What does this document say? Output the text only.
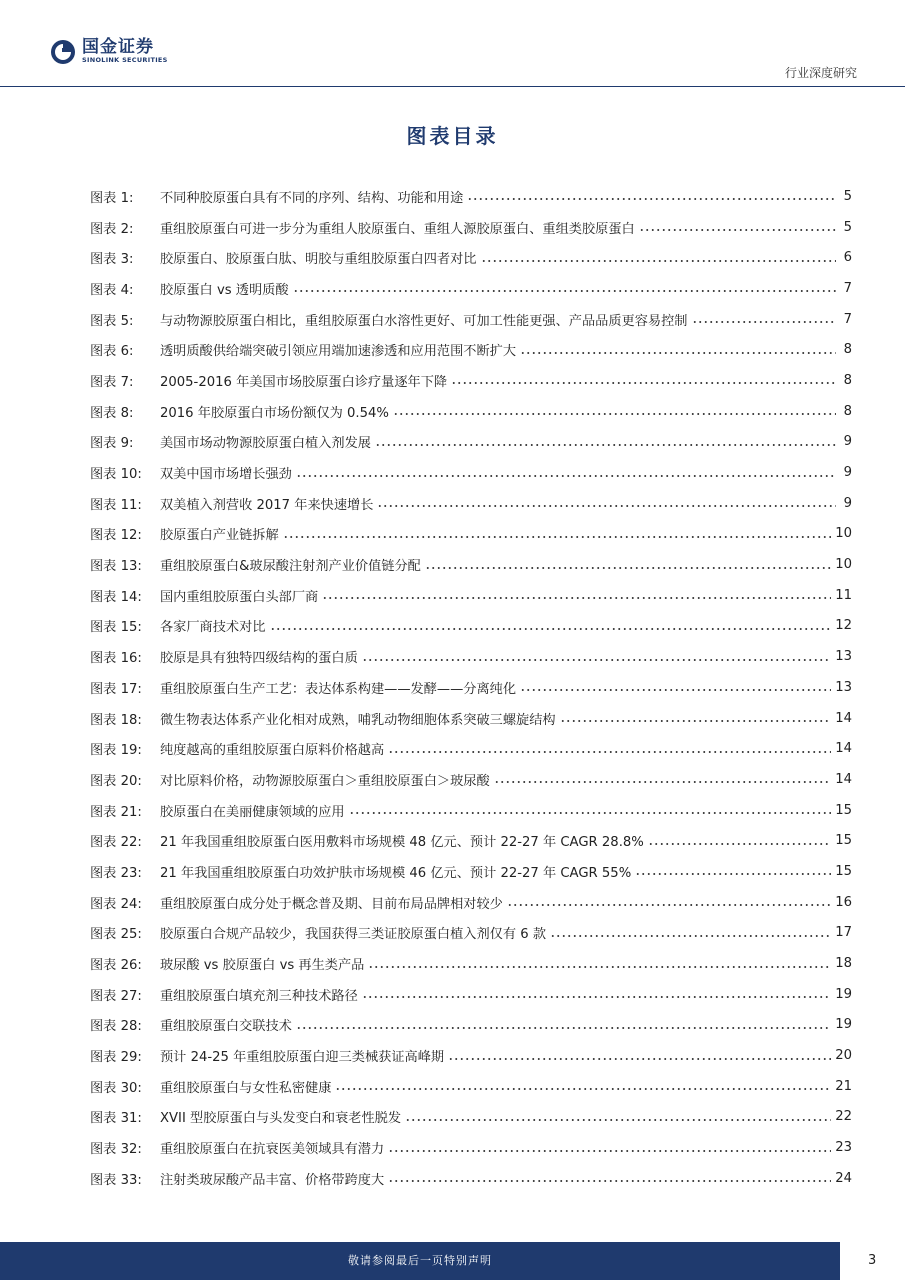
国金证券
SINOLINK SECURITIES
行业深度研究
图表目录
图表 1:	不同种胶原蛋白具有不同的序列、结构、功能和用途	5
图表 2:	重组胶原蛋白可进一步分为重组人胶原蛋白、重组人源胶原蛋白、重组类胶原蛋白	5
图表 3:	胶原蛋白、胶原蛋白肽、明胶与重组胶原蛋白四者对比	6
图表 4:	胶原蛋白 vs 透明质酸	7
图表 5:	与动物源胶原蛋白相比，重组胶原蛋白水溶性更好、可加工性能更强、产品品质更容易控制	7
图表 6:	透明质酸供给端突破引领应用端加速渗透和应用范围不断扩大	8
图表 7:	2005-2016 年美国市场胶原蛋白诊疗量逐年下降	8
图表 8:	2016 年胶原蛋白市场份额仅为 0.54%	8
图表 9:	美国市场动物源胶原蛋白植入剂发展	9
图表 10:	双美中国市场增长强劲	9
图表 11:	双美植入剂营收 2017 年来快速增长	9
图表 12:	胶原蛋白产业链拆解	10
图表 13:	重组胶原蛋白&玻尿酸注射剂产业价值链分配	10
图表 14:	国内重组胶原蛋白头部厂商	11
图表 15:	各家厂商技术对比	12
图表 16:	胶原是具有独特四级结构的蛋白质	13
图表 17:	重组胶原蛋白生产工艺：表达体系构建——发酵——分离纯化	13
图表 18:	微生物表达体系产业化相对成熟，哺乳动物细胞体系突破三螺旋结构	14
图表 19:	纯度越高的重组胶原蛋白原料价格越高	14
图表 20:	对比原料价格，动物源胶原蛋白＞重组胶原蛋白＞玻尿酸	14
图表 21:	胶原蛋白在美丽健康领域的应用	15
图表 22:	21 年我国重组胶原蛋白医用敷料市场规模 48 亿元、预计 22-27 年 CAGR 28.8%	15
图表 23:	21 年我国重组胶原蛋白功效护肤市场规模 46 亿元、预计 22-27 年 CAGR 55%	15
图表 24:	重组胶原蛋白成分处于概念普及期、目前布局品牌相对较少	16
图表 25:	胶原蛋白合规产品较少，我国获得三类证胶原蛋白植入剂仅有 6 款	17
图表 26:	玻尿酸 vs 胶原蛋白 vs 再生类产品	18
图表 27:	重组胶原蛋白填充剂三种技术路径	19
图表 28:	重组胶原蛋白交联技术	19
图表 29:	预计 24-25 年重组胶原蛋白迎三类械获证高峰期	20
图表 30:	重组胶原蛋白与女性私密健康	21
图表 31:	XVII 型胶原蛋白与头发变白和衰老性脱发	22
图表 32:	重组胶原蛋白在抗衰医美领域具有潜力	23
图表 33:	注射类玻尿酸产品丰富、价格带跨度大	24
敬请参阅最后一页特别声明	3
